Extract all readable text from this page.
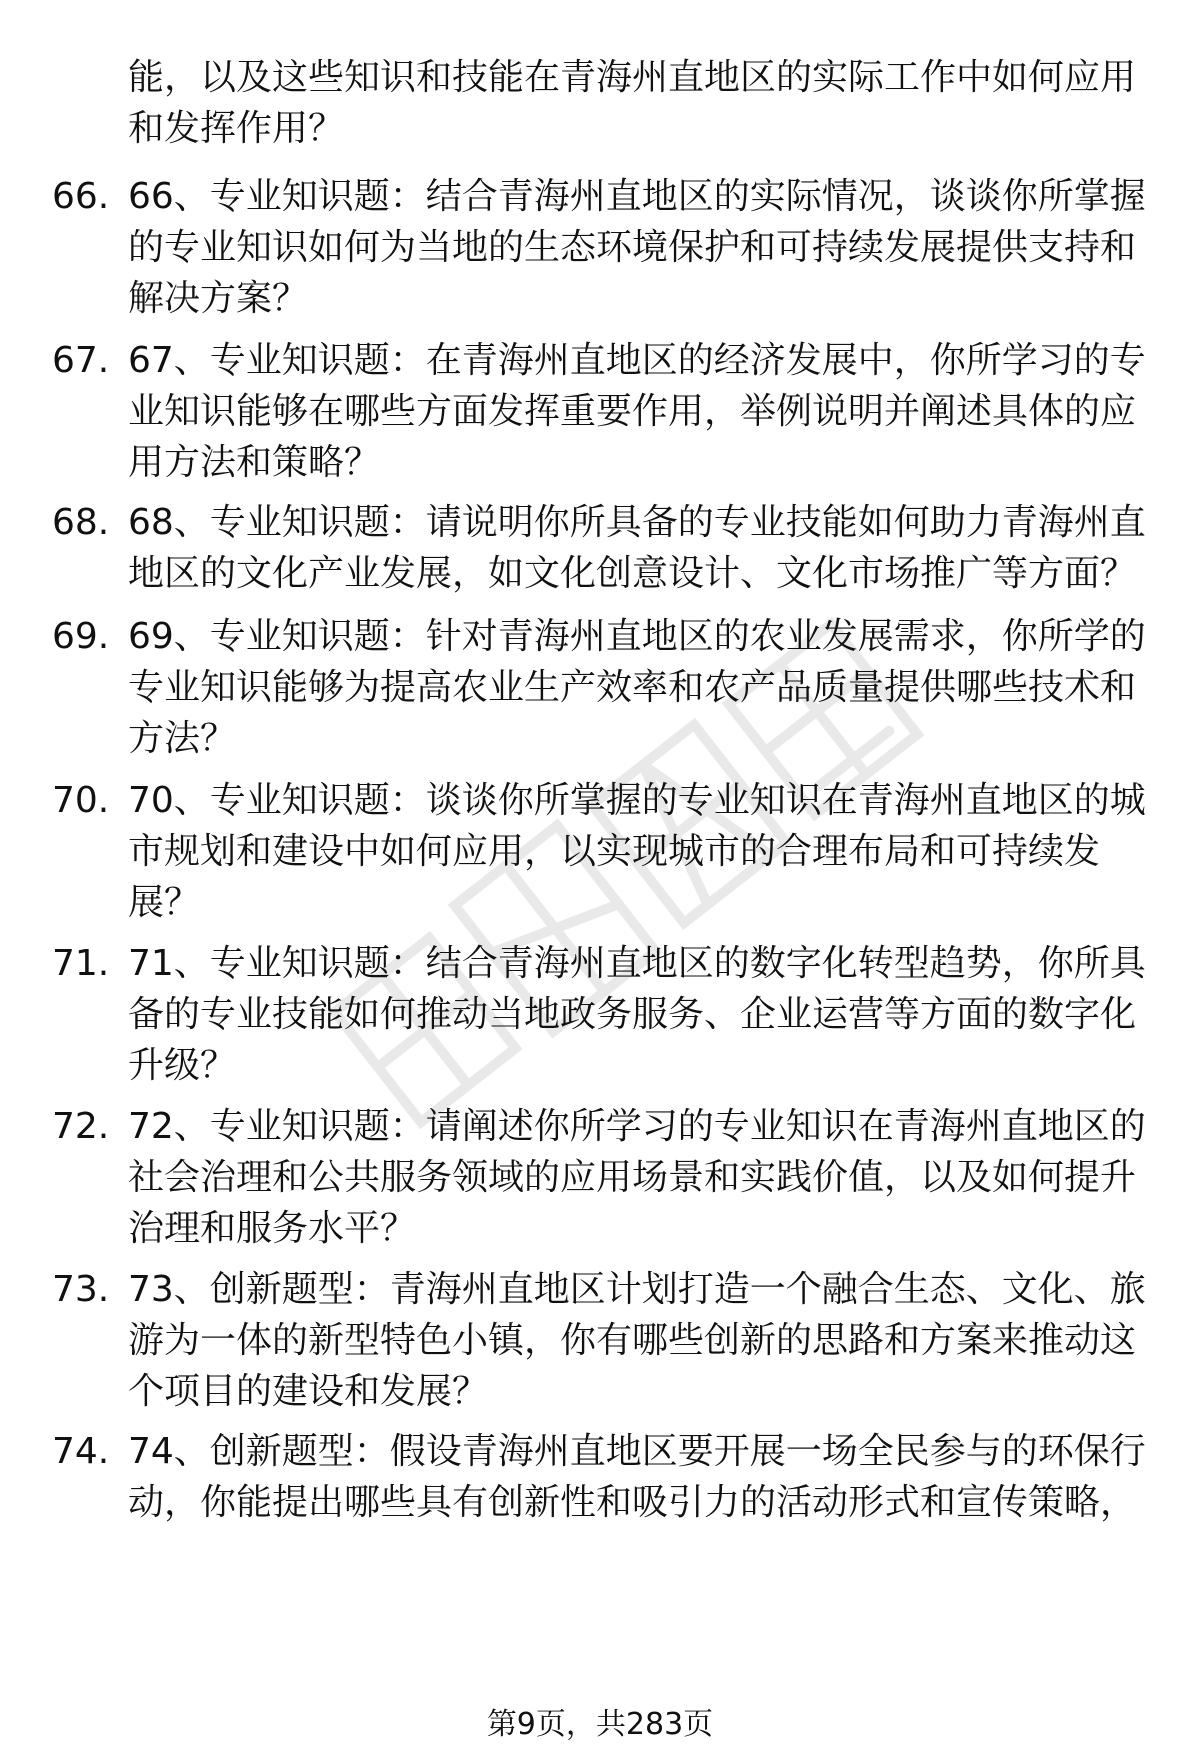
能，以及这些知识和技能在青海州直地区的实际工作中如何应用
和发挥作用？
66. 66、专业知识题：结合青海州直地区的实际情况，谈谈你所掌握
的专业知识如何为当地的生态环境保护和可持续发展提供支持和
解决方案？
67. 67、专业知识题：在青海州直地区的经济发展中，你所学习的专
业知识能够在哪些方面发挥重要作用，举例说明并阐述具体的应
用方法和策略？
68. 68、专业知识题：请说明你所具备的专业技能如何助力青海州直
地区的文化产业发展，如文化创意设计、文化市场推广等方面？
69. 69、专业知识题：针对青海州直地区的农业发展需求，你所学的
专业知识能够为提高农业生产效率和农产品质量提供哪些技术和
方法？
70. 70、专业知识题：谈谈你所掌握的专业知识在青海州直地区的城
市规划和建设中如何应用，以实现城市的合理布局和可持续发
展？
71. 71、专业知识题：结合青海州直地区的数字化转型趋势，你所具
备的专业技能如何推动当地政务服务、企业运营等方面的数字化
升级？
72. 72、专业知识题：请阐述你所学习的专业知识在青海州直地区的
社会治理和公共服务领域的应用场景和实践价值，以及如何提升
治理和服务水平？
73. 73、创新题型：青海州直地区计划打造一个融合生态、文化、旅
游为一体的新型特色小镇，你有哪些创新的思路和方案来推动这
个项目的建设和发展？
74. 74、创新题型：假设青海州直地区要开展一场全民参与的环保行
动，你能提出哪些具有创新性和吸引力的活动形式和宣传策略，
第9页，共283页
